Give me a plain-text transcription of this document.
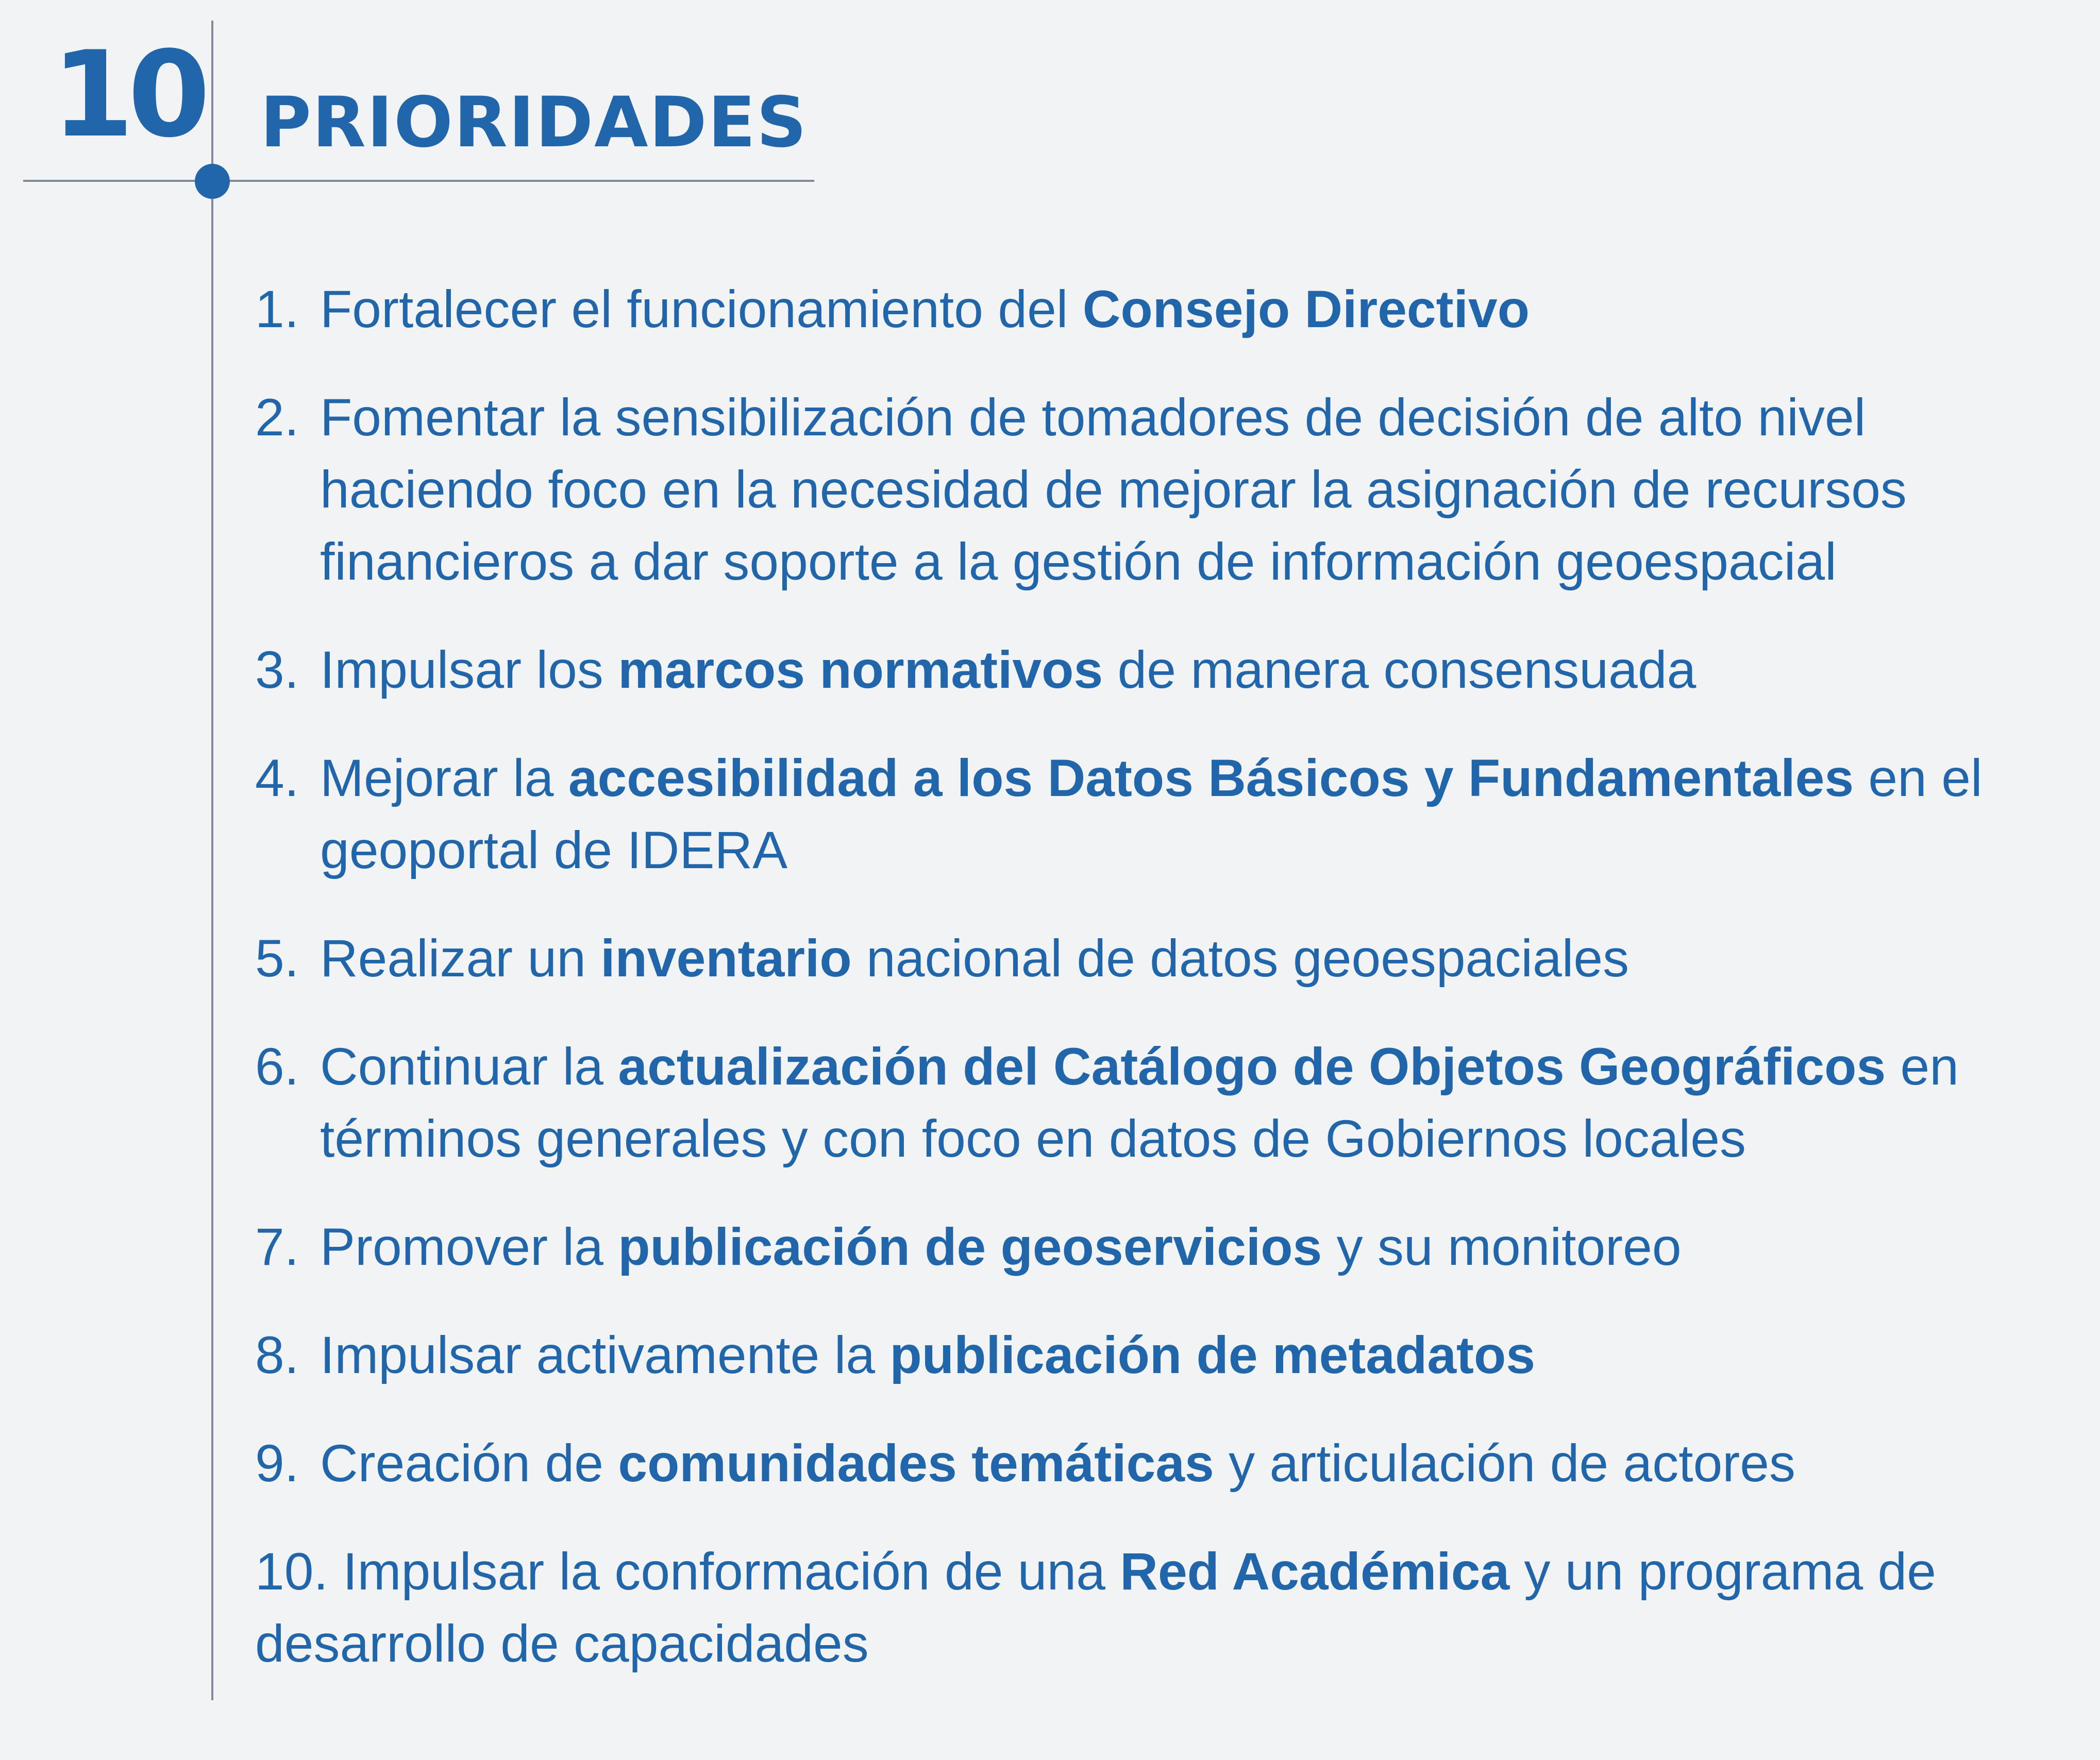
10 PRIORIDADES
1. Fortalecer el funcionamiento del Consejo Directivo
2. Fomentar la sensibilización de tomadores de decisión de alto nivel haciendo foco en la necesidad de mejorar la asignación de recursos financieros a dar soporte a la gestión de información geoespacial
3. Impulsar los marcos normativos de manera consensuada
4. Mejorar la accesibilidad a los Datos Básicos y Fundamentales en el geoportal de IDERA
5. Realizar un inventario nacional de datos geoespaciales
6. Continuar la actualización del Catálogo de Objetos Geográficos en términos generales y con foco en datos de Gobiernos locales
7. Promover la publicación de geoservicios y su monitoreo
8. Impulsar activamente la publicación de metadatos
9. Creación de comunidades temáticas y articulación de actores
10. Impulsar la conformación de una Red Académica y un programa de desarrollo de capacidades
